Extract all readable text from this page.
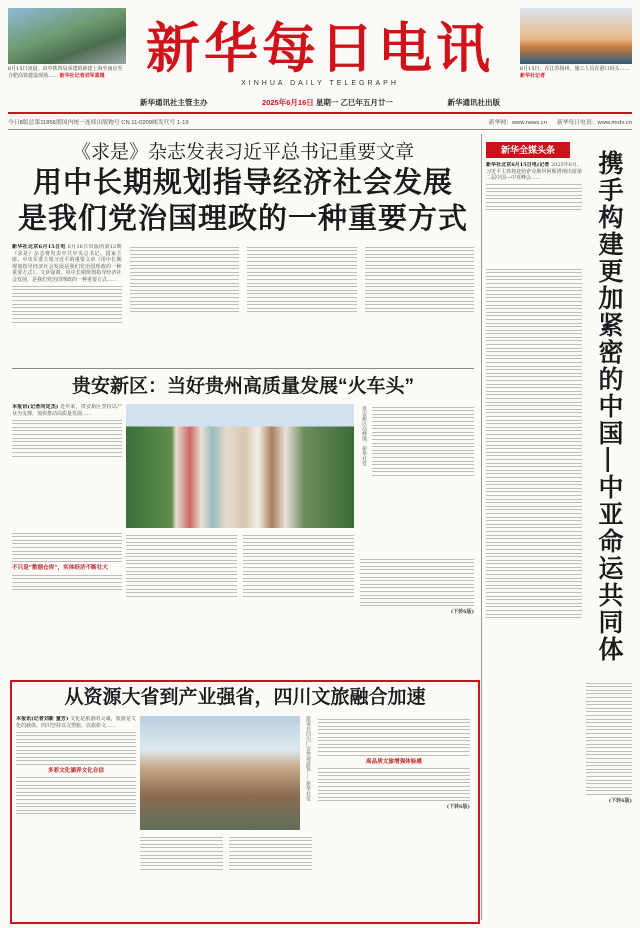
6月15日凌晨，由中铁四局承建的新建上海至南京至合肥高铁建设现场…… 新华社记者刘军喜摄 新华每日电讯
XINHUA DAILY TELEGRAPH
6月15日，在江苏扬州，施工人员在港口码头…… 新华社记者
新华通讯社主管主办	2025年6月16日 星期一 乙巳年五月廿一	新华通讯社出版
今日8版 总第11856期 国内统一连续出版物号 CN 11-0209 邮发代号 1-19	新华网：www.news.cn 新华每日电讯：www.mrdx.cn
《求是》杂志发表习近平总书记重要文章
用中长期规划指导经济社会发展
是我们党治国理政的一种重要方式
新华社北京6月15日电 6月16日出版的第12期《求是》杂志将发表中共中央总书记、国家主席、中央军委主席习近平的重要文章《用中长期规划指导经济社会发展是我们党治国理政的一种重要方式》。文章强调，用中长期规划指导经济社会发展，是我们党治国理政的一种重要方式……
贵安新区：当好贵州高质量发展“火车头”
本报讯(记者向定杰) 近年来，贵安新区坚持以产业为支撑，加快推动高质量发展……	贵安新区高峰镇。新华社发
不只是“数据仓库”，实体经济不断壮大
(下转6版)
从资源大省到产业强省，四川文旅融合加速
本报讯(记者刘新 童芳) 文化是旅游的灵魂，旅游是文化的载体。四川坚持以文塑旅、以旅彰文……
多彩文化涵养文化自信	游客在四川广安参观游览……新华社发	高品质文旅增强体验感
(下转6版)
新华全媒头条
新华社北京6月15日电(记者 2025年6月，习近平主席将赴哈萨克斯坦阿斯塔纳出席第二届中国—中亚峰会……	携手构建更加紧密的中国—中亚命运共同体
(下转6版)
